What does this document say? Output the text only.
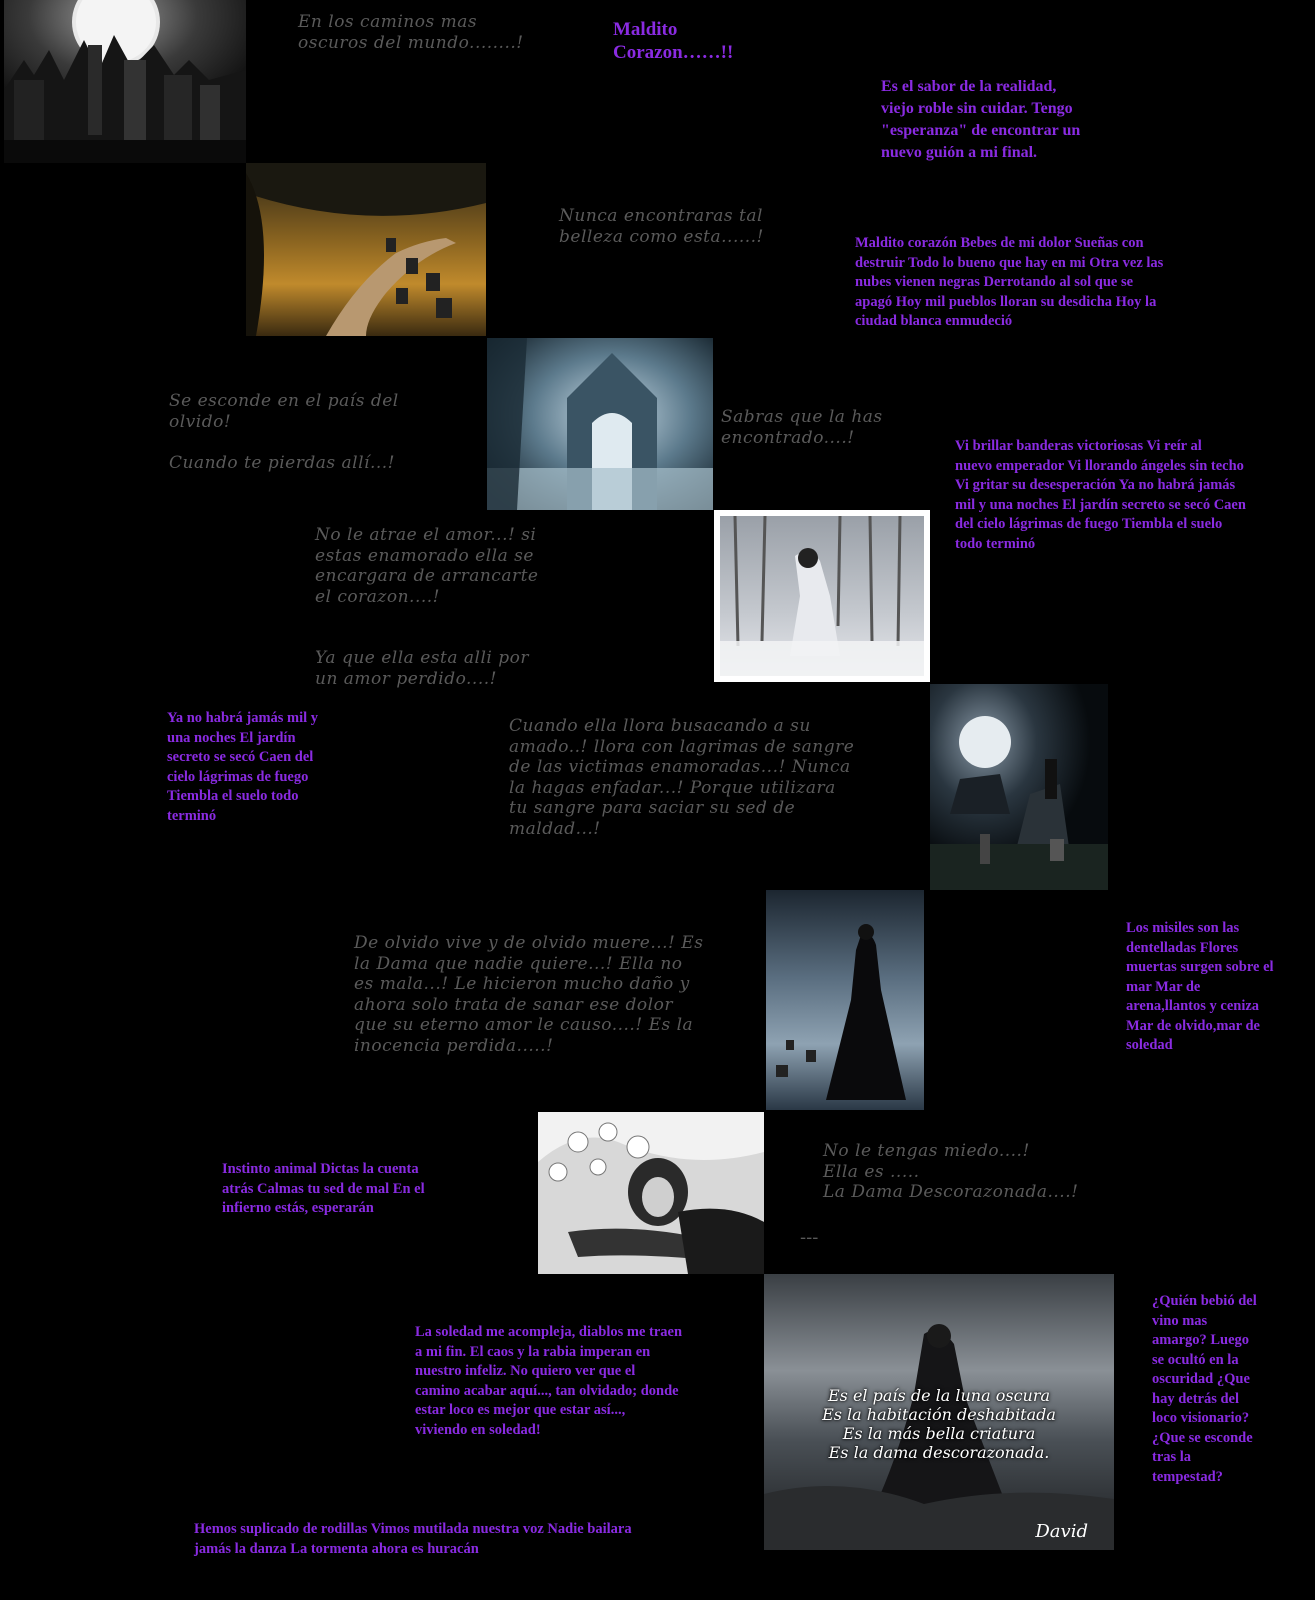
Es el país de la luna oscura
Es la habitación deshabitada
Es la más bella criatura
Es la dama descorazonada.
David
Maldito
Corazon……!!
En los caminos mas
oscuros del mundo........!
Nunca encontraras tal
belleza como esta......!
Se esconde en el país del
olvido!

Cuando te pierdas allí...!
Sabras que la has
encontrado....!
No le atrae el amor...! si
estas enamorado ella se
encargara de arrancarte
el corazon....!

Ya que ella esta alli por
un amor perdido....!
Cuando ella llora busacando a su
amado..! llora con lagrimas de sangre
de las victimas enamoradas...! Nunca
la hagas enfadar...! Porque utilizara
tu sangre para saciar su sed de
maldad...!
De olvido vive y de olvido muere...! Es
la Dama que nadie quiere...! Ella no
es mala...! Le hicieron mucho daño y
ahora solo trata de sanar ese dolor
que su eterno amor le causo....! Es la
inocencia perdida.....!
No le tengas miedo....!
Ella es .....
La Dama Descorazonada....!
---
Es el sabor de la realidad,
viejo roble sin cuidar. Tengo
"esperanza" de encontrar un
nuevo guión a mi final.
Maldito corazón Bebes de mi dolor Sueñas con
destruir Todo lo bueno que hay en mi Otra vez las
nubes vienen negras Derrotando al sol que se
apagó Hoy mil pueblos lloran su desdicha Hoy la
ciudad blanca enmudeció
Vi brillar banderas victoriosas Vi reír al
nuevo emperador Vi llorando ángeles sin techo
Vi gritar su desesperación Ya no habrá jamás
mil y una noches El jardín secreto se secó Caen
del cielo lágrimas de fuego Tiembla el suelo
todo terminó
Ya no habrá jamás mil y
una noches El jardín
secreto se secó Caen del
cielo lágrimas de fuego
Tiembla el suelo todo
terminó
Los misiles son las
dentelladas Flores
muertas surgen sobre el
mar Mar de
arena,llantos y ceniza
Mar de olvido,mar de
soledad
Instinto animal Dictas la cuenta
atrás Calmas tu sed de mal En el
infierno estás, esperarán
La soledad me acompleja, diablos me traen
a mi fin. El caos y la rabia imperan en
nuestro infeliz. No quiero ver que el
camino acabar aquí..., tan olvidado; donde
estar loco es mejor que estar así...,
viviendo en soledad!
¿Quién bebió del
vino mas
amargo? Luego
se ocultó en la
oscuridad ¿Que
hay detrás del
loco visionario?
¿Que se esconde
tras la
tempestad?
Hemos suplicado de rodillas Vimos mutilada nuestra voz Nadie bailara
jamás la danza La tormenta ahora es huracán
